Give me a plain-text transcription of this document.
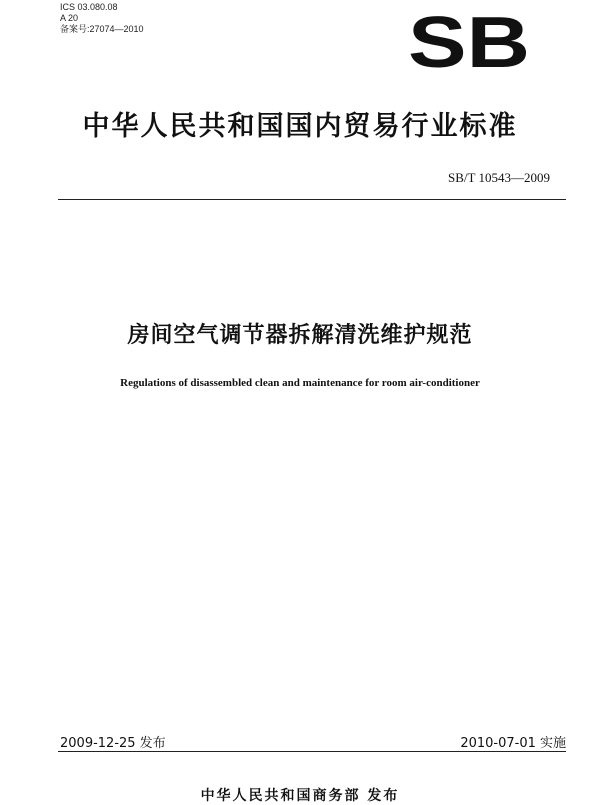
ICS 03.080.08
A 20
备案号:27074—2010	SB
中华人民共和国国内贸易行业标准
SB/T 10543—2009
房间空气调节器拆解清洗维护规范
Regulations of disassembled clean and maintenance for room air-conditioner
2009-12-25 发布	2010-07-01 实施
中华人民共和国商务部 发布
